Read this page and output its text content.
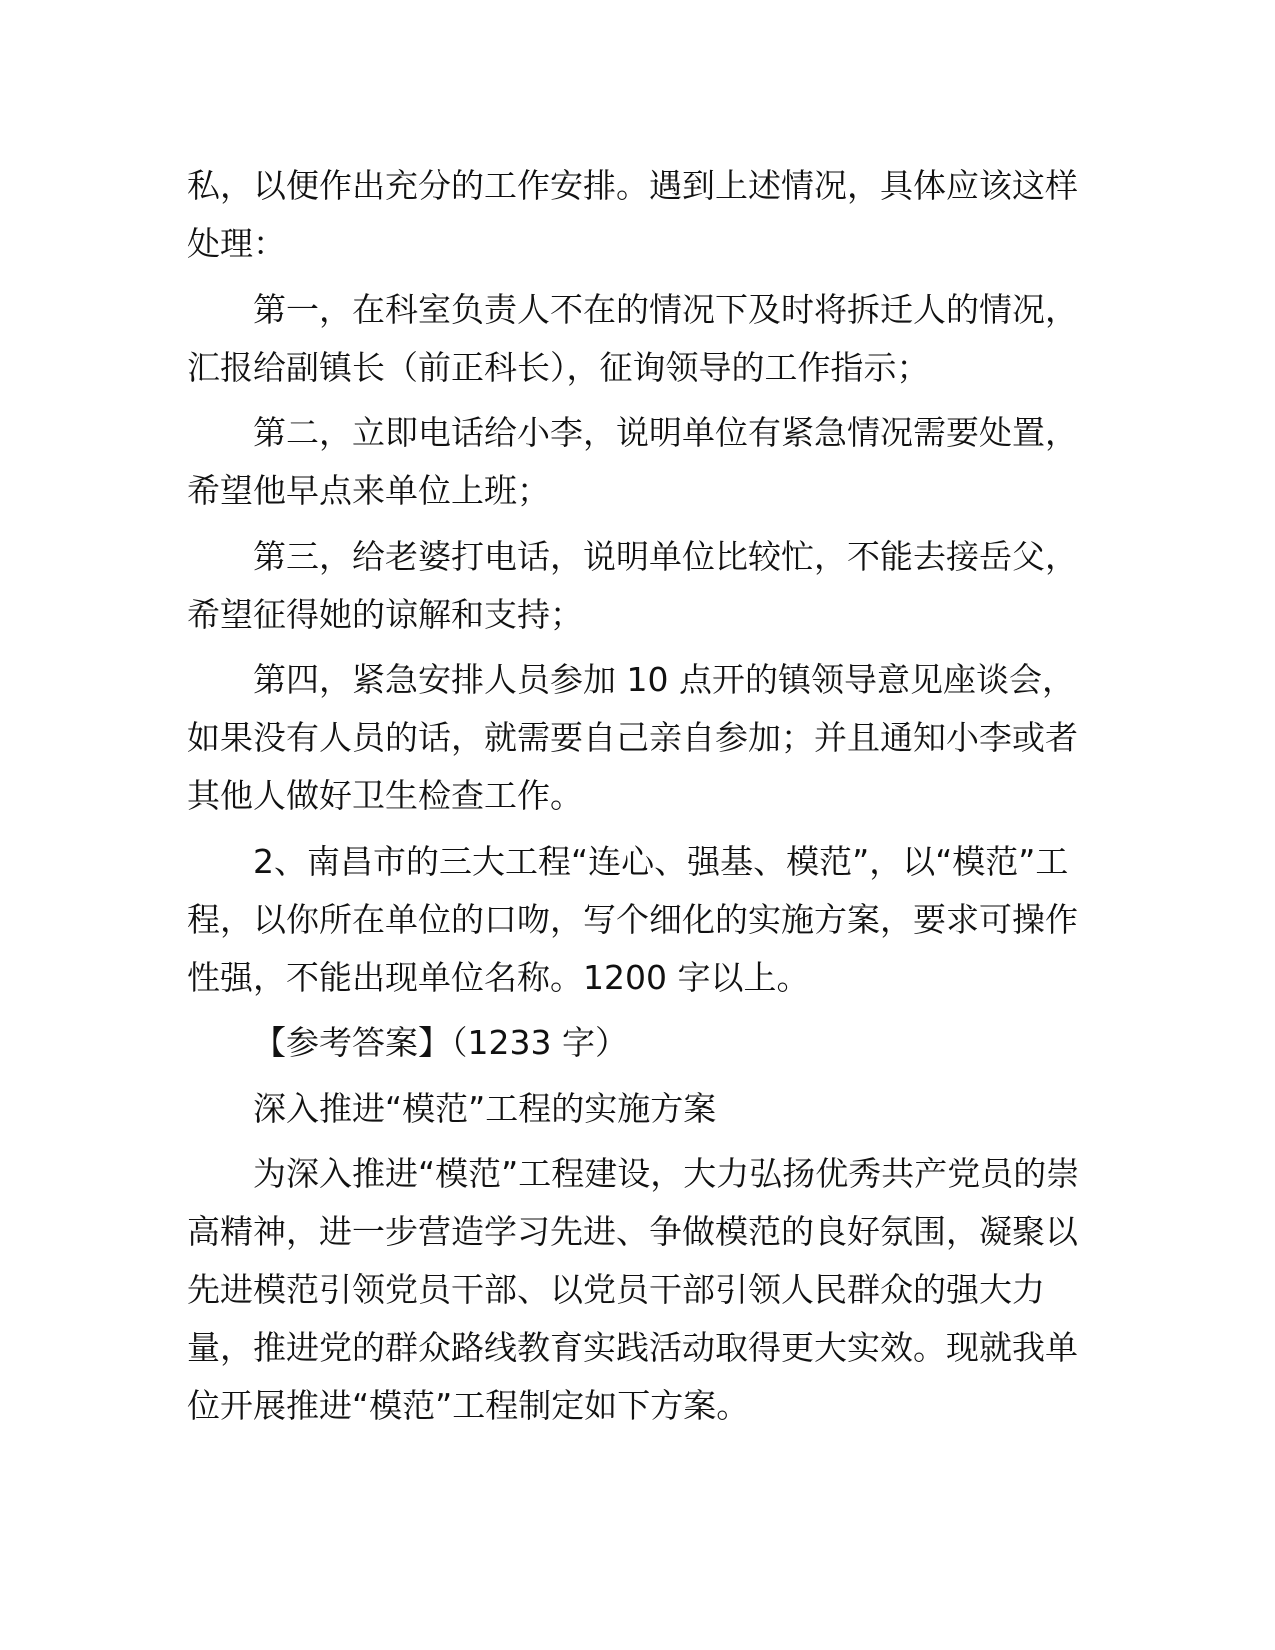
私，以便作出充分的工作安排。遇到上述情况，具体应该这样处理：

第一，在科室负责人不在的情况下及时将拆迁人的情况，汇报给副镇长（前正科长），征询领导的工作指示；

第二，立即电话给小李，说明单位有紧急情况需要处置，希望他早点来单位上班；

第三，给老婆打电话，说明单位比较忙，不能去接岳父，希望征得她的谅解和支持；

第四，紧急安排人员参加 10 点开的镇领导意见座谈会，如果没有人员的话，就需要自己亲自参加；并且通知小李或者其他人做好卫生检查工作。

2、南昌市的三大工程“连心、强基、模范”，以“模范”工程，以你所在单位的口吻，写个细化的实施方案，要求可操作性强，不能出现单位名称。1200 字以上。

【参考答案】（1233 字）

深入推进“模范”工程的实施方案

为深入推进“模范”工程建设，大力弘扬优秀共产党员的崇高精神，进一步营造学习先进、争做模范的良好氛围，凝聚以先进模范引领党员干部、以党员干部引领人民群众的强大力量，推进党的群众路线教育实践活动取得更大实效。现就我单位开展推进“模范”工程制定如下方案。
